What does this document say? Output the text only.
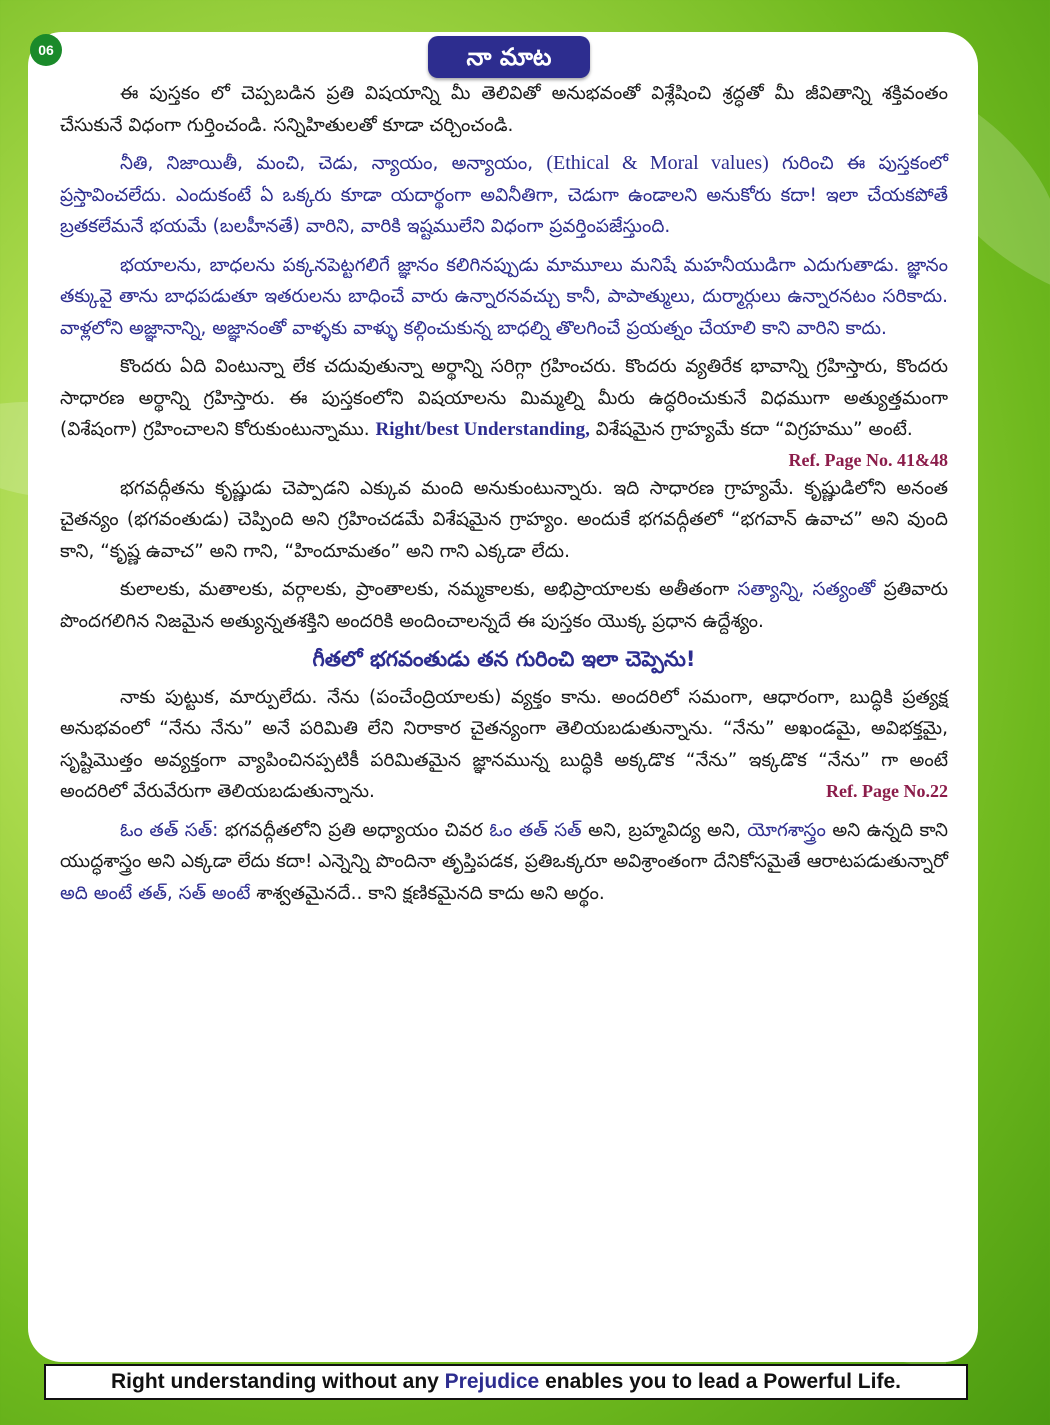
06	నా మాట

ఈ పుస్తకం లో చెప్పబడిన ప్రతి విషయాన్ని మీ తెలివితో అనుభవంతో విశ్లేషించి శ్రద్ధతో మీ జీవితాన్ని శక్తివంతం చేసుకునే విధంగా గుర్తించండి. సన్నిహితులతో కూడా చర్చించండి.

నీతి, నిజాయితీ, మంచి, చెడు, న్యాయం, అన్యాయం, (Ethical & Moral values) గురించి ఈ పుస్తకంలో ప్రస్తావించలేదు. ఎందుకంటే ఏ ఒక్కరు కూడా యదార్థంగా అవినీతిగా, చెడుగా ఉండాలని అనుకోరు కదా! ఇలా చేయకపోతే బ్రతకలేమనే భయమే (బలహీనతే) వారిని, వారికి ఇష్టములేని విధంగా ప్రవర్తింపజేస్తుంది.

భయాలను, బాధలను పక్కనపెట్టగలిగే జ్ఞానం కలిగినప్పుడు మామూలు మనిషే మహనీయుడిగా ఎదుగుతాడు. జ్ఞానం తక్కువై తాను బాధపడుతూ ఇతరులను బాధించే వారు ఉన్నారనవచ్చు కానీ, పాపాత్ములు, దుర్మార్గులు ఉన్నారనటం సరికాదు. వాళ్లలోని అజ్ఞానాన్ని, అజ్ఞానంతో వాళ్ళకు వాళ్ళు కల్గించుకున్న బాధల్ని తొలగించే ప్రయత్నం చేయాలి కాని వారిని కాదు.

కొందరు ఏది వింటున్నా లేక చదువుతున్నా అర్థాన్ని సరిగ్గా గ్రహించరు. కొందరు వ్యతిరేక భావాన్ని గ్రహిస్తారు, కొందరు సాధారణ అర్థాన్ని గ్రహిస్తారు. ఈ పుస్తకంలోని విషయాలను మిమ్మల్ని మీరు ఉద్ధరించుకునే విధముగా అత్యుత్తమంగా (విశేషంగా) గ్రహించాలని కోరుకుంటున్నాము. Right/best Understanding, విశేషమైన గ్రాహ్యమే కదా “విగ్రహము” అంటే.

Ref. Page No. 41&48

భగవద్గీతను కృష్ణుడు చెప్పాడని ఎక్కువ మంది అనుకుంటున్నారు. ఇది సాధారణ గ్రాహ్యమే. కృష్ణుడిలోని అనంత చైతన్యం (భగవంతుడు) చెప్పింది అని గ్రహించడమే విశేషమైన గ్రాహ్యం. అందుకే భగవద్గీతలో “భగవాన్ ఉవాచ” అని వుంది కాని, “కృష్ణ ఉవాచ” అని గాని, “హిందూమతం” అని గాని ఎక్కడా లేదు.

కులాలకు, మతాలకు, వర్గాలకు, ప్రాంతాలకు, నమ్మకాలకు, అభిప్రాయాలకు అతీతంగా సత్యాన్ని, సత్యంతో ప్రతివారు పొందగలిగిన నిజమైన అత్యున్నతశక్తిని అందరికి అందించాలన్నదే ఈ పుస్తకం యొక్క ప్రధాన ఉద్దేశ్యం.

గీతలో భగవంతుడు తన గురించి ఇలా చెప్పెను!

నాకు పుట్టుక, మార్పులేదు. నేను (పంచేంద్రియాలకు) వ్యక్తం కాను. అందరిలో సమంగా, ఆధారంగా, బుద్ధికి ప్రత్యక్ష అనుభవంలో “నేను నేను” అనే పరిమితి లేని నిరాకార చైతన్యంగా తెలియబడుతున్నాను. “నేను” అఖండమై, అవిభక్తమై, సృష్టిమొత్తం అవ్యక్తంగా వ్యాపించినప్పటికీ పరిమితమైన జ్ఞానమున్న బుద్ధికి అక్కడొక “నేను” ఇక్కడొక “నేను” గా అంటే అందరిలో వేరువేరుగా తెలియబడుతున్నాను.	Ref. Page No.22

ఓం తత్ సత్: భగవద్గీతలోని ప్రతి అధ్యాయం చివర ఓం తత్ సత్ అని, బ్రహ్మవిద్య అని, యోగశాస్త్రం అని ఉన్నది కాని యుద్ధశాస్త్రం అని ఎక్కడా లేదు కదా! ఎన్నెన్ని పొందినా తృప్తిపడక, ప్రతిఒక్కరూ అవిశ్రాంతంగా దేనికోసమైతే ఆరాటపడుతున్నారో అది అంటే తత్, సత్ అంటే శాశ్వతమైనదే.. కాని క్షణికమైనది కాదు అని అర్థం.

Right understanding without any Prejudice enables you to lead a Powerful Life.
